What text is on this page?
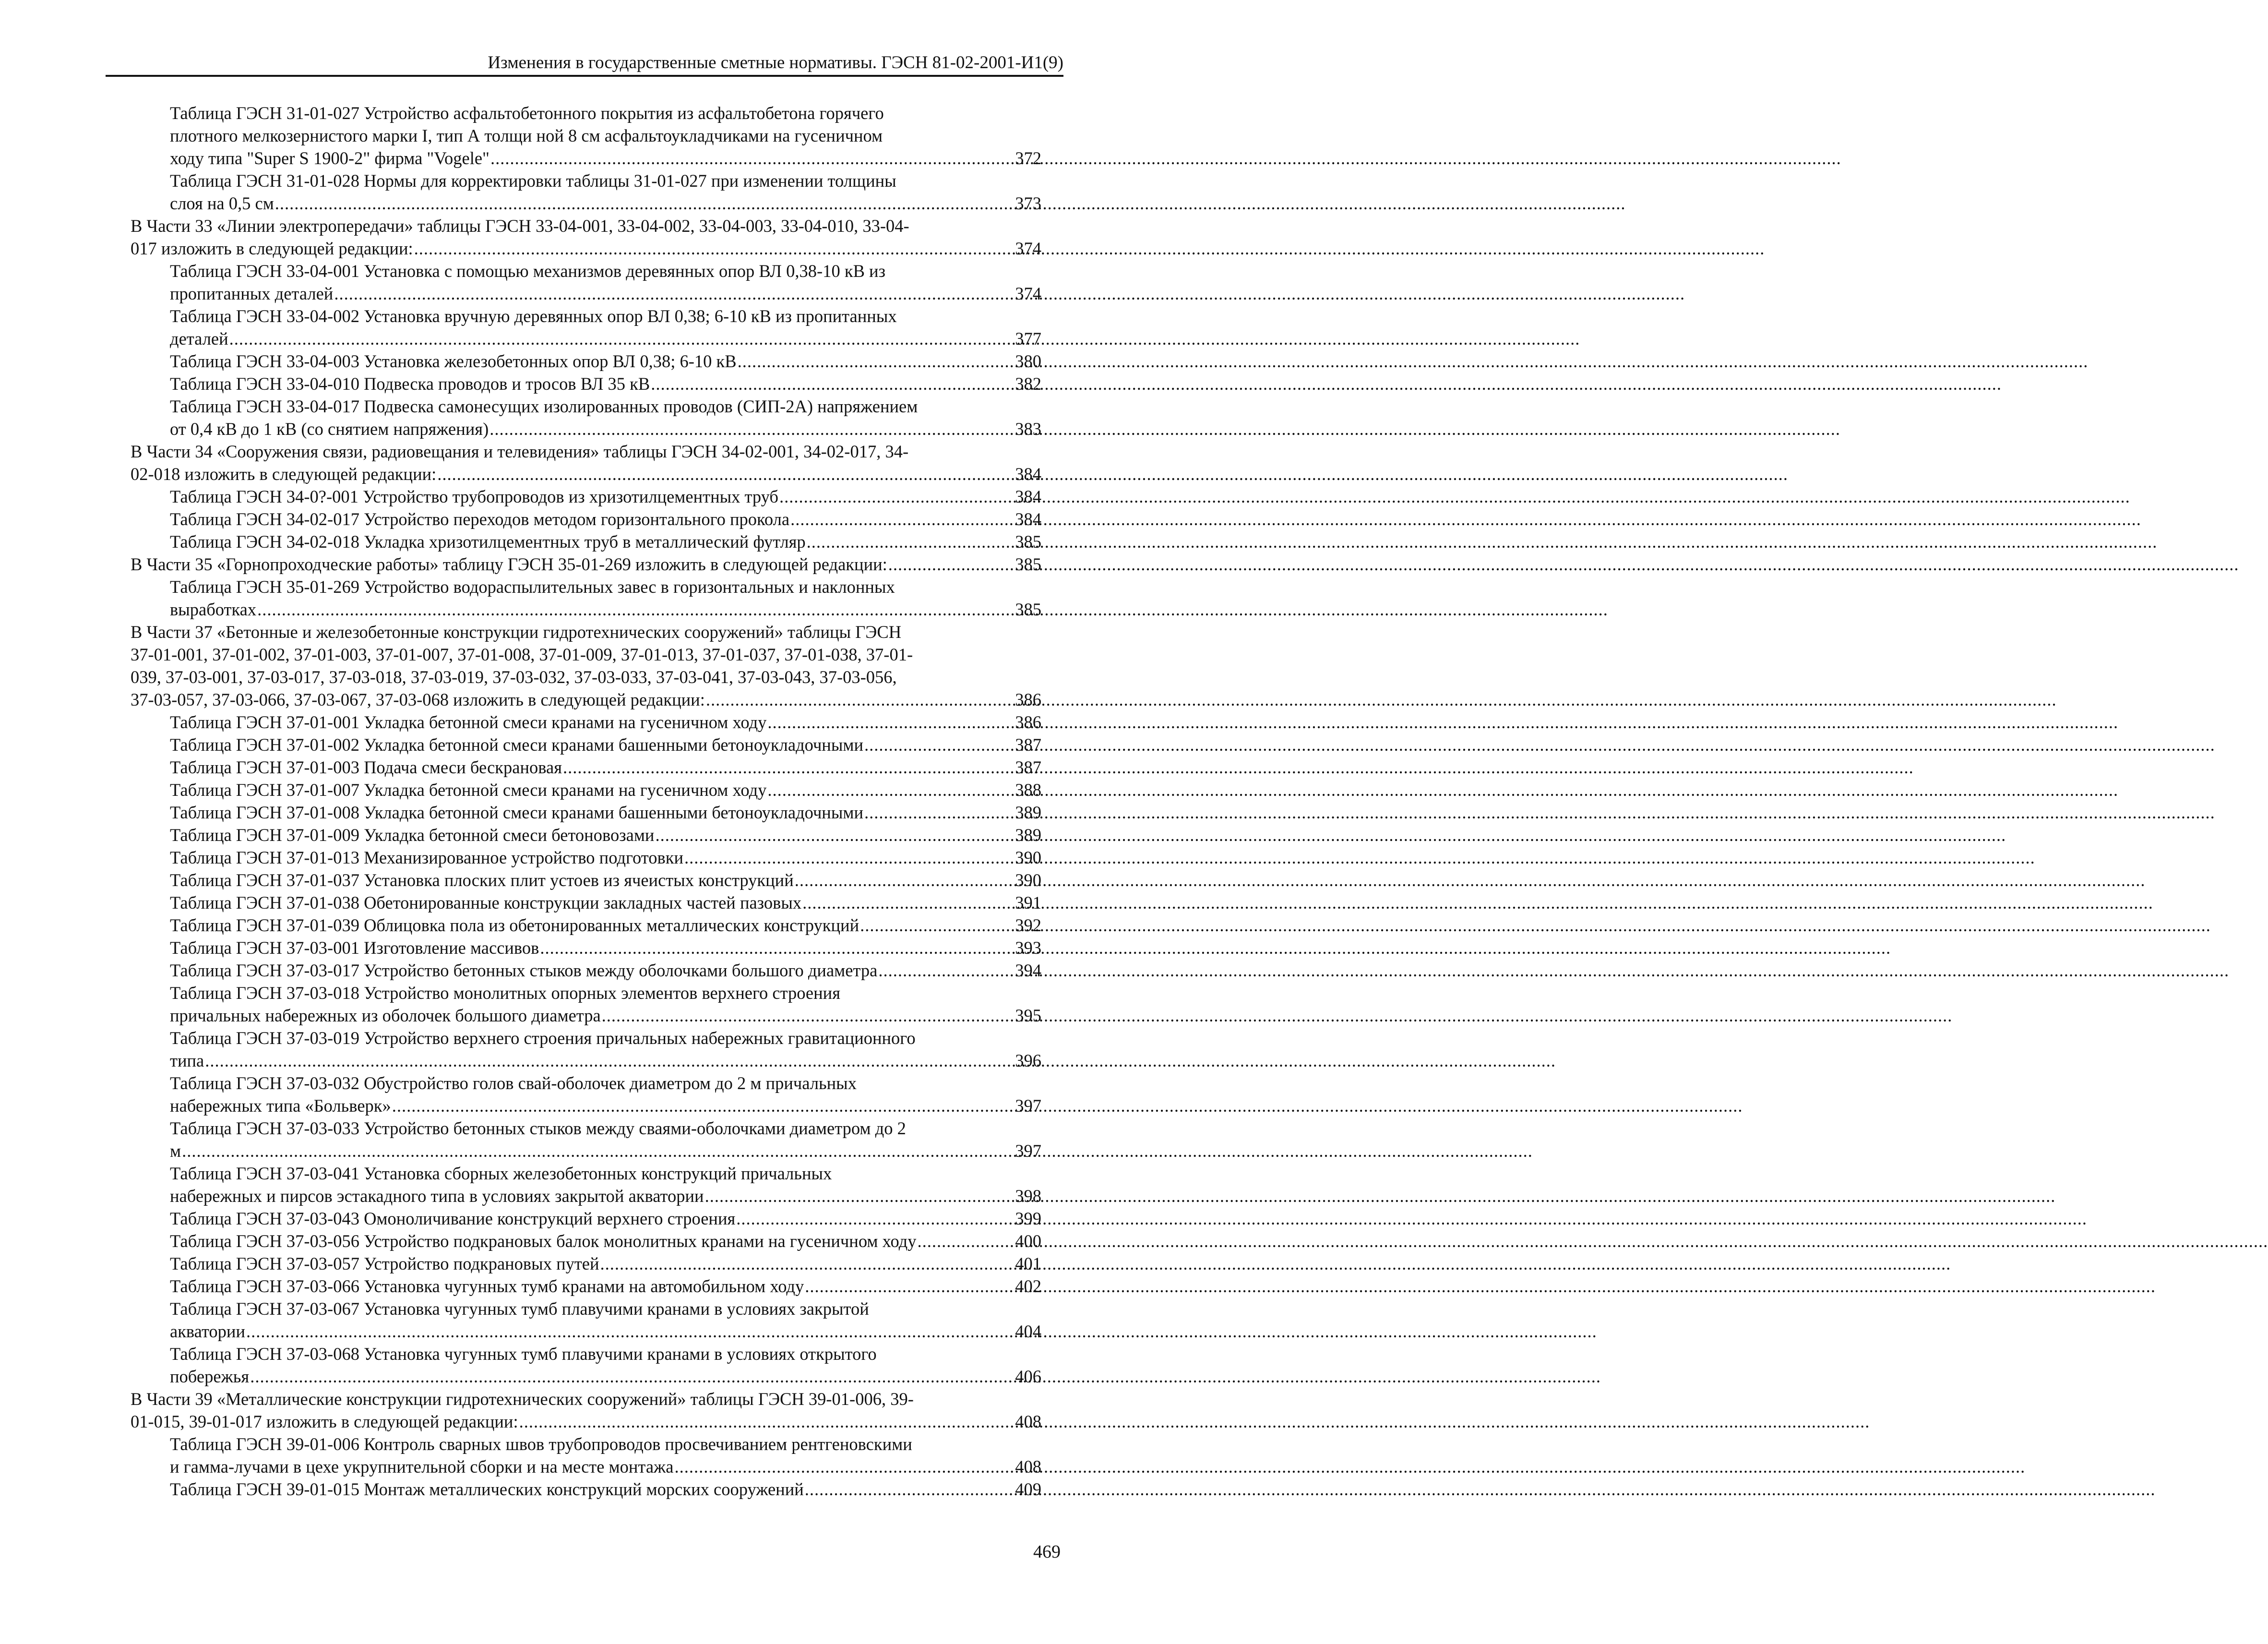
Изменения в государственные сметные нормативы. ГЭСН 81-02-2001-И1(9)
Таблица ГЭСН 31-01-027 Устройство асфальтобетонного покрытия из асфальтобетона горячего
плотного мелкозернистого марки I, тип А толщи ной 8 см асфальтоукладчиками на гусеничном
ходу типа "Super S 1900-2" фирма "Vogele" .....	372
Таблица ГЭСН 31-01-028 Нормы для корректировки таблицы 31-01-027 при изменении толщины
слоя на 0,5 см .....	373
В Части 33 «Линии электропередачи» таблицы ГЭСН 33-04-001, 33-04-002, 33-04-003, 33-04-010, 33-04-
017 изложить в следующей редакции: .....	374
Таблица ГЭСН 33-04-001 Установка с помощью механизмов деревянных опор ВЛ 0,38-10 кВ из
пропитанных деталей .....	374
Таблица ГЭСН 33-04-002 Установка вручную деревянных опор ВЛ 0,38; 6-10 кВ из пропитанных
деталей .....	377
Таблица ГЭСН 33-04-003 Установка железобетонных опор ВЛ 0,38; 6-10 кВ .....	380
Таблица ГЭСН 33-04-010 Подвеска проводов и тросов ВЛ 35 кВ .....	382
Таблица ГЭСН 33-04-017 Подвеска самонесущих изолированных проводов (СИП-2А) напряжением
от 0,4 кВ до 1 кВ (со снятием напряжения) .....	383
В Части 34 «Сооружения связи, радиовещания и телевидения» таблицы ГЭСН 34-02-001, 34-02-017, 34-
02-018 изложить в следующей редакции: .....	384
Таблица ГЭСН 34-0?-001 Устройство трубопроводов из хризотилцементных труб .....	384
Таблица ГЭСН 34-02-017 Устройство переходов методом горизонтального прокола .....	384
Таблица ГЭСН 34-02-018 Укладка хризотилцементных труб в металлический футляр .....	385
В Части 35 «Горнопроходческие работы» таблицу ГЭСН 35-01-269 изложить в следующей редакции: .....	385
Таблица ГЭСН 35-01-269 Устройство водораспылительных завес в горизонтальных и наклонных
выработках .....	385
В Части 37 «Бетонные и железобетонные конструкции гидротехнических сооружений» таблицы ГЭСН
37-01-001, 37-01-002, 37-01-003, 37-01-007, 37-01-008, 37-01-009, 37-01-013, 37-01-037, 37-01-038, 37-01-
039, 37-03-001, 37-03-017, 37-03-018, 37-03-019, 37-03-032, 37-03-033, 37-03-041, 37-03-043, 37-03-056,
37-03-057, 37-03-066, 37-03-067, 37-03-068 изложить в следующей редакции: .....	386
Таблица ГЭСН 37-01-001 Укладка бетонной смеси кранами на гусеничном ходу .....	386
Таблица ГЭСН 37-01-002 Укладка бетонной смеси кранами башенными бетоноукладочными .....	387
Таблица ГЭСН 37-01-003 Подача смеси бескрановая .....	387
Таблица ГЭСН 37-01-007 Укладка бетонной смеси кранами на гусеничном ходу .....	388
Таблица ГЭСН 37-01-008 Укладка бетонной смеси кранами башенными бетоноукладочными .....	389
Таблица ГЭСН 37-01-009 Укладка бетонной смеси бетоновозами .....	389
Таблица ГЭСН 37-01-013 Механизированное устройство подготовки .....	390
Таблица ГЭСН 37-01-037 Установка плоских плит устоев из ячеистых конструкций .....	390
Таблица ГЭСН 37-01-038 Обетонированные конструкции закладных частей пазовых .....	391
Таблица ГЭСН 37-01-039 Облицовка пола из обетонированных металлических конструкций .....	392
Таблица ГЭСН 37-03-001 Изготовление массивов .....	393
Таблица ГЭСН 37-03-017 Устройство бетонных стыков между оболочками большого диаметра .....	394
Таблица ГЭСН 37-03-018 Устройство монолитных опорных элементов верхнего строения
причальных набережных из оболочек большого диаметра .....	395
Таблица ГЭСН 37-03-019 Устройство верхнего строения причальных набережных гравитационного
типа .....	396
Таблица ГЭСН 37-03-032 Обустройство голов свай-оболочек диаметром до 2 м причальных
набережных типа «Больверк» .....	397
Таблица ГЭСН 37-03-033 Устройство бетонных стыков между сваями-оболочками диаметром до 2
м .....	397
Таблица ГЭСН 37-03-041 Установка сборных железобетонных конструкций причальных
набережных и пирсов эстакадного типа в условиях закрытой акватории .....	398
Таблица ГЭСН 37-03-043 Омоноличивание конструкций верхнего строения .....	399
Таблица ГЭСН 37-03-056 Устройство подкрановых балок монолитных кранами на гусеничном ходу .....	400
Таблица ГЭСН 37-03-057 Устройство подкрановых путей .....	401
Таблица ГЭСН 37-03-066 Установка чугунных тумб кранами на автомобильном ходу .....	402
Таблица ГЭСН 37-03-067 Установка чугунных тумб плавучими кранами в условиях закрытой
акватории .....	404
Таблица ГЭСН 37-03-068 Установка чугунных тумб плавучими кранами в условиях открытого
побережья .....	406
В Части 39 «Металлические конструкции гидротехнических сооружений» таблицы ГЭСН 39-01-006, 39-
01-015, 39-01-017 изложить в следующей редакции: .....	408
Таблица ГЭСН 39-01-006 Контроль сварных швов трубопроводов просвечиванием рентгеновскими
и гамма-лучами в цехе укрупнительной сборки и на месте монтажа .....	408
Таблица ГЭСН 39-01-015 Монтаж металлических конструкций морских сооружений .....	409
469
